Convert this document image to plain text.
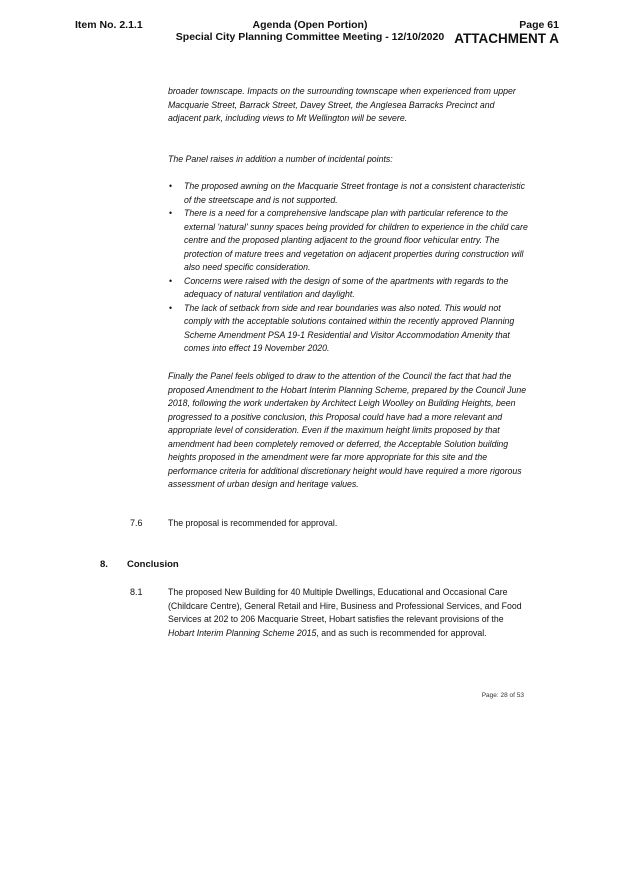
Item No. 2.1.1	Agenda (Open Portion)
Special City Planning Committee Meeting - 12/10/2020
Page 61
ATTACHMENT A
broader townscape. Impacts on the surrounding townscape when experienced from upper Macquarie Street, Barrack Street, Davey Street, the Anglesea Barracks Precinct and adjacent park, including views to Mt Wellington will be severe.
The Panel raises in addition a number of incidental points:
• The proposed awning on the Macquarie Street frontage is not a consistent characteristic of the streetscape and is not supported.
• There is a need for a comprehensive landscape plan with particular reference to the external 'natural' sunny spaces being provided for children to experience in the child care centre and the proposed planting adjacent to the ground floor vehicular entry. The protection of mature trees and vegetation on adjacent properties during construction will also need specific consideration.
• Concerns were raised with the design of some of the apartments with regards to the adequacy of natural ventilation and daylight.
• The lack of setback from side and rear boundaries was also noted. This would not comply with the acceptable solutions contained within the recently approved Planning Scheme Amendment PSA 19-1 Residential and Visitor Accommodation Amenity that comes into effect 19 November 2020.
Finally the Panel feels obliged to draw to the attention of the Council the fact that had the proposed Amendment to the Hobart Interim Planning Scheme, prepared by the Council June 2018, following the work undertaken by Architect Leigh Woolley on Building Heights, been progressed to a positive conclusion, this Proposal could have had a more relevant and appropriate level of consideration. Even if the maximum height limits proposed by that amendment had been completely removed or deferred, the Acceptable Solution building heights proposed in the amendment were far more appropriate for this site and the performance criteria for additional discretionary height would have required a more rigorous assessment of urban design and heritage values.
7.6	The proposal is recommended for approval.
8. Conclusion
8.1	The proposed New Building for 40 Multiple Dwellings, Educational and Occasional Care (Childcare Centre), General Retail and Hire, Business and Professional Services, and Food Services at 202 to 206 Macquarie Street, Hobart satisfies the relevant provisions of the Hobart Interim Planning Scheme 2015, and as such is recommended for approval.
Page: 28 of 53
